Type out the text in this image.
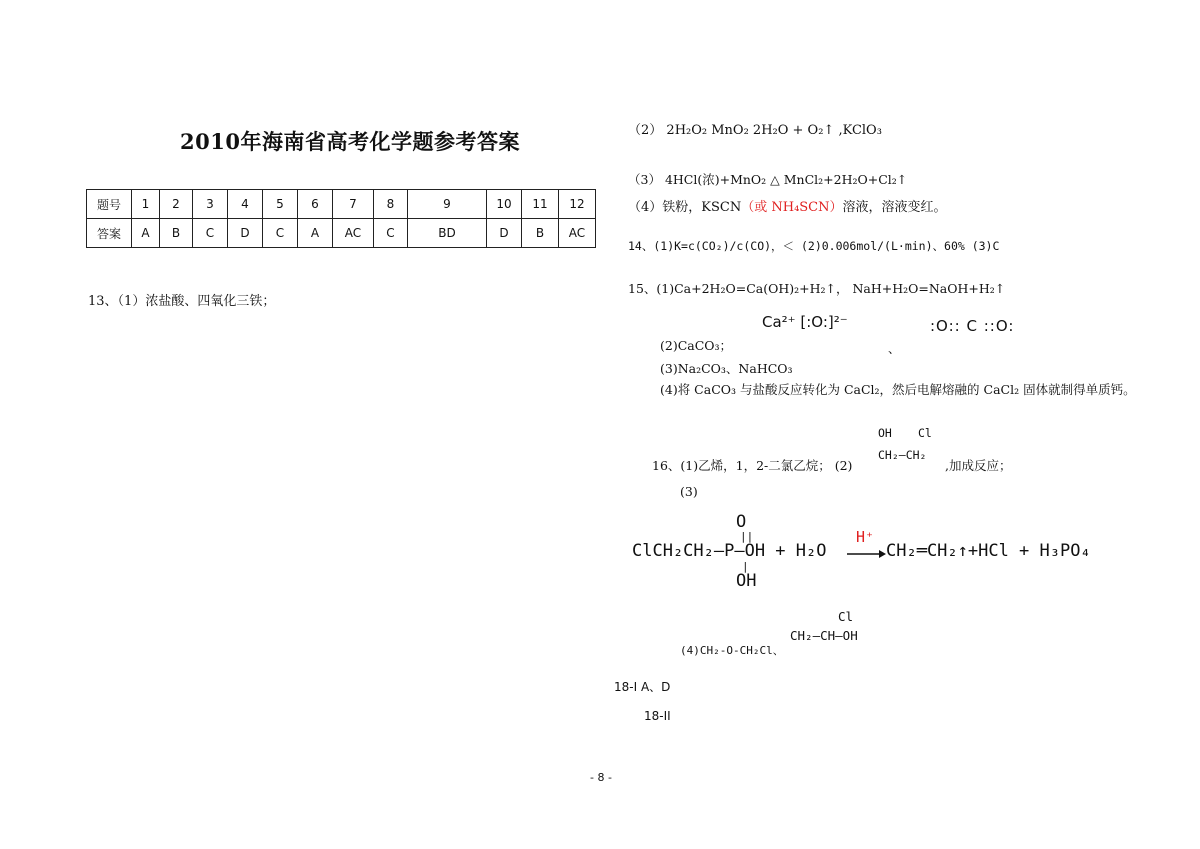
2010年海南省高考化学题参考答案
题号	1	2	3	4	5	6	7	8	9	10	11	12
答案	A	B	C	D	C	A	AC	C	BD	D	B	AC
13、（1）浓盐酸、四氧化三铁；
（2） 2H₂O₂ MnO₂ 2H₂O + O₂↑ ,KClO₃
（3） 4HCl(浓)+MnO₂ △ MnCl₂+2H₂O+Cl₂↑
（4）铁粉，KSCN（或 NH₄SCN）溶液，溶液变红。
14、(1)K=c(CO₂)/c(CO)，＜ (2)0.006mol/(L·min)、60% (3)C
15、(1)Ca+2H₂O=Ca(OH)₂+H₂↑， NaH+H₂O=NaOH+H₂↑
Ca²⁺ [:O:]²⁻
、
:O:: C ::O:
(2)CaCO₃；
(3)Na₂CO₃、NaHCO₃
(4)将 CaCO₃ 与盐酸反应转化为 CaCl₂，然后电解熔融的 CaCl₂ 固体就制得单质钙。
OH Cl
CH₂—CH₂
16、(1)乙烯，1，2-二氯乙烷； (2)	,加成反应；
(3)
O
||
ClCH₂CH₂—P—OH + H₂O
|
OH
H⁺
→ CH₂═CH₂↑+HCl + H₃PO₄
Cl
CH₂—CH—OH
(4)CH₂-O-CH₂Cl、
18-I A、D
18-II
- 8 -
